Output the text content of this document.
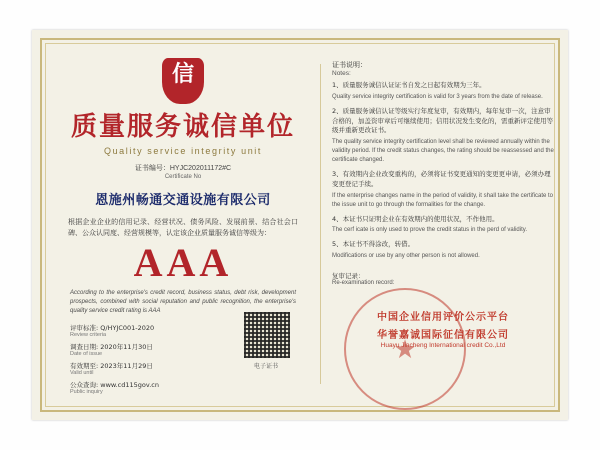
信
质量服务诚信单位
Quality service integrity unit
证书编号：HYJC202011172#C
Certificate No
恩施州畅通交通设施有限公司
根据企业企业的信用记录、经营状况、债务风险、发展前景、结合社会口碑、公众认同度、经营规模等，认定该企业质量服务诚信等级为：
AAA
According to the enterprise's credit record, business status, debt risk, development prospects, combined with social reputation and public recognition, the enterprise's quality service credit rating is AAA
评审标准: Q/HYJC001-2020
Review criteria
调查日期: 2020年11月30日
Date of issue
有效期至: 2023年11月29日
Valid until
公众查询: www.cd115gov.cn
Public inquiry
电子证书
证书说明：
Notes:
1、质量服务诚信认证证书自发之日起有效期为三年。
Quality service integrity certification is valid for 3 years from the date of release.
2、质量服务诚信认证等级实行年度复审，有效期内，每年复审一次，注意审合格的，加盖资审章后可继续使用；信用状况发生变化的，需重新评定使用等级并重新更改证书。
The quality service integrity certification level shall be reviewed annually within the validity period. If the credit status changes, the rating should be reassessed and the certificate changed.
3、有效期内企业改变重构的，必须将证书变更通知的变更更申请，必须办理变更登记手续。
If the enterprise changes name in the period of validity, it shall take the certificate to the issue unit to go through the formalities for the change.
4、本证书只证明企业在有效期内的使用状况，不作他用。
The cerf icate is only used to prove the credit status in the perd of validity.
5、本证书不得涂改，转借。
Modifications or use by any other person is not allowed.
复审记录：
Re-examination record:
★
中国企业信用评价公示平台
华誉嘉诚国际征信有限公司
Huayu Jiacheng International credit Co.,Ltd
